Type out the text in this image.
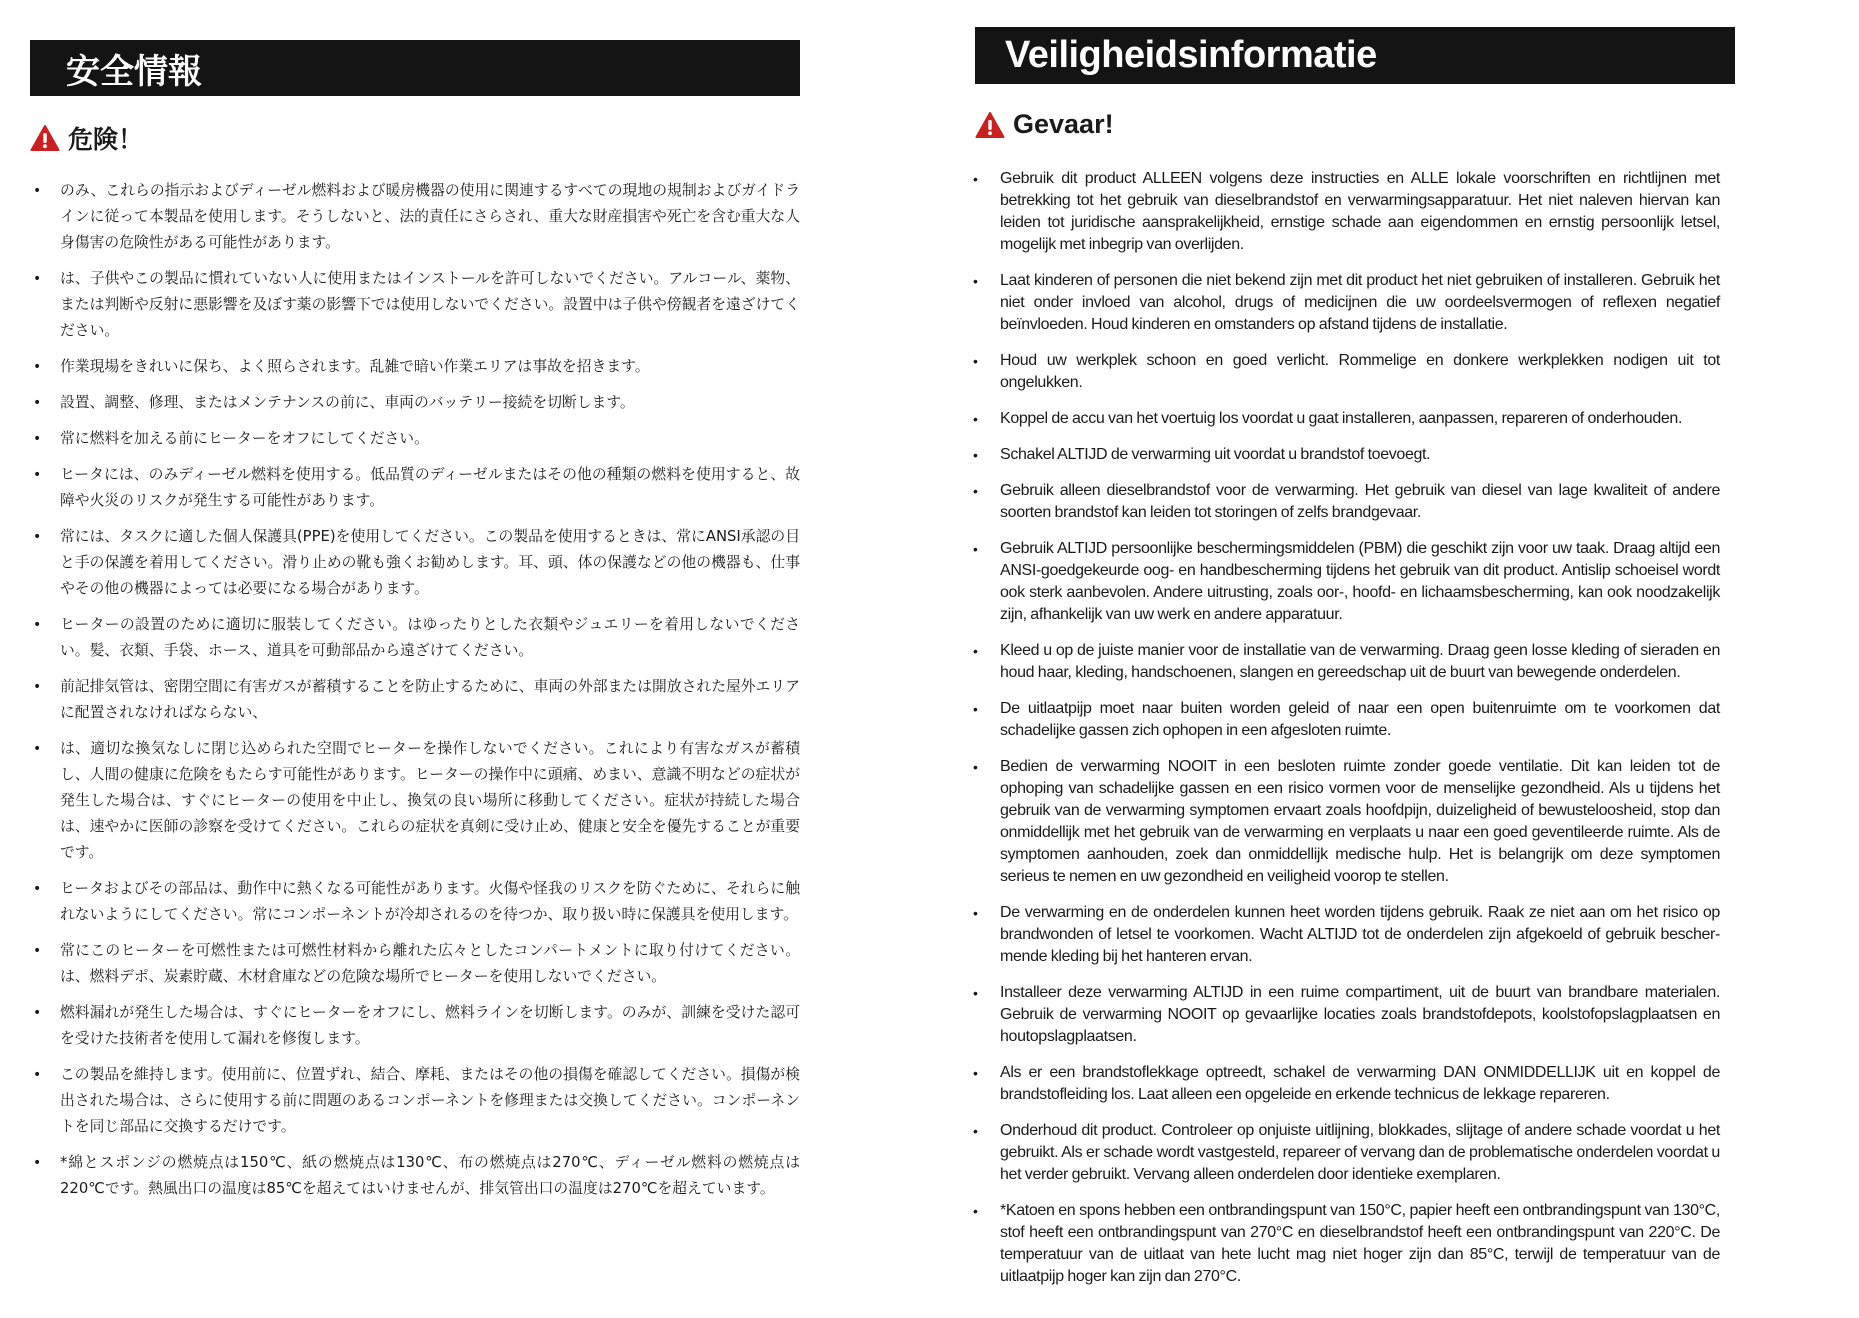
安全情報
危険！
• のみ、これらの指示およびディーゼル燃料および暖房機器の使用に関連するすべての現地の規制およびガイドラインに従って本製品を使用します。そうしないと、法的責任にさらされ、重大な財産損害や死亡を含む重大な人身傷害の危険性がある可能性があります。
• は、子供やこの製品に慣れていない人に使用またはインストールを許可しないでください。アルコール、薬物、または判断や反射に悪影響を及ぼす薬の影響下では使用しないでください。設置中は子供や傍観者を遠ざけてください。
• 作業現場をきれいに保ち、よく照らされます。乱雑で暗い作業エリアは事故を招きます。
• 設置、調整、修理、またはメンテナンスの前に、車両のバッテリー接続を切断します。
• 常に燃料を加える前にヒーターをオフにしてください。
• ヒータには、のみディーゼル燃料を使用する。低品質のディーゼルまたはその他の種類の燃料を使用すると、故障や火災のリスクが発生する可能性があります。
• 常には、タスクに適した個人保護具(PPE)を使用してください。この製品を使用するときは、常にANSI承認の目と手の保護を着用してください。滑り止めの靴も強くお勧めします。耳、頭、体の保護などの他の機器も、仕事やその他の機器によっては必要になる場合があります。
• ヒーターの設置のために適切に服装してください。はゆったりとした衣類やジュエリーを着用しないでください。髪、衣類、手袋、ホース、道具を可動部品から遠ざけてください。
• 前記排気管は、密閉空間に有害ガスが蓄積することを防止するために、車両の外部または開放された屋外エリアに配置されなければならない、
• は、適切な換気なしに閉じ込められた空間でヒーターを操作しないでください。これにより有害なガスが蓄積し、人間の健康に危険をもたらす可能性があります。ヒーターの操作中に頭痛、めまい、意識不明などの症状が発生した場合は、すぐにヒーターの使用を中止し、換気の良い場所に移動してください。症状が持続した場合は、速やかに医師の診察を受けてください。これらの症状を真剣に受け止め、健康と安全を優先することが重要です。
• ヒータおよびその部品は、動作中に熱くなる可能性があります。火傷や怪我のリスクを防ぐために、それらに触れないようにしてください。常にコンポーネントが冷却されるのを待つか、取り扱い時に保護具を使用します。
• 常にこのヒーターを可燃性または可燃性材料から離れた広々としたコンパートメントに取り付けてください。は、燃料デポ、炭素貯蔵、木材倉庫などの危険な場所でヒーターを使用しないでください。
• 燃料漏れが発生した場合は、すぐにヒーターをオフにし、燃料ラインを切断します。のみが、訓練を受けた認可を受けた技術者を使用して漏れを修復します。
• この製品を維持します。使用前に、位置ずれ、結合、摩耗、またはその他の損傷を確認してください。損傷が検出された場合は、さらに使用する前に問題のあるコンポーネントを修理または交換してください。コンポーネントを同じ部品に交換するだけです。
• *綿とスポンジの燃焼点は150℃、紙の燃焼点は130℃、布の燃焼点は270℃、ディーゼル燃料の燃焼点は220℃です。熱風出口の温度は85℃を超えてはいけませんが、排気管出口の温度は270℃を超えています。
Veiligheidsinformatie
Gevaar!
• Gebruik dit product ALLEEN volgens deze instructies en ALLE lokale voorschriften en richtlijnen met betrekking tot het gebruik van dieselbrandstof en verwarmingsapparatuur. Het niet naleven hiervan kan leiden tot juridische aansprakelijkheid, ernstige schade aan eigendommen en ernstig persoonlijk letsel, mogelijk met inbegrip van overlijden.
• Laat kinderen of personen die niet bekend zijn met dit product het niet gebruiken of installeren. Gebruik het niet onder invloed van alcohol, drugs of medicijnen die uw oordeelsvermogen of reflexen negatief beïnvloeden. Houd kinderen en omstanders op afstand tijdens de installatie.
• Houd uw werkplek schoon en goed verlicht. Rommelige en donkere werkplekken nodigen uit tot ongelukken.
• Koppel de accu van het voertuig los voordat u gaat installeren, aanpassen, repareren of onderhouden.
• Schakel ALTIJD de verwarming uit voordat u brandstof toevoegt.
• Gebruik alleen dieselbrandstof voor de verwarming. Het gebruik van diesel van lage kwaliteit of andere soorten brandstof kan leiden tot storingen of zelfs brandgevaar.
• Gebruik ALTIJD persoonlijke beschermingsmiddelen (PBM) die geschikt zijn voor uw taak. Draag altijd een ANSI-goedgekeurde oog- en handbescherming tijdens het gebruik van dit product. Antislip schoeisel wordt ook sterk aanbevolen. Andere uitrusting, zoals oor-, hoofd- en lichaamsbescherming, kan ook noodzakelijk zijn, afhankelijk van uw werk en andere apparatuur.
• Kleed u op de juiste manier voor de installatie van de verwarming. Draag geen losse kleding of sieraden en houd haar, kleding, handschoenen, slangen en gereedschap uit de buurt van bewegende onderdelen.
• De uitlaatpijp moet naar buiten worden geleid of naar een open buitenruimte om te voorkomen dat schadelijke gassen zich ophopen in een afgesloten ruimte.
• Bedien de verwarming NOOIT in een besloten ruimte zonder goede ventilatie. Dit kan leiden tot de ophoping van schadelijke gassen en een risico vormen voor de menselijke gezondheid. Als u tijdens het gebruik van de verwarming symptomen ervaart zoals hoofdpijn, duizeligheid of bewusteloosheid, stop dan onmiddellijk met het gebruik van de verwarming en verplaats u naar een goed geventileerde ruimte. Als de symptomen aanhouden, zoek dan onmiddellijk medische hulp. Het is belangrijk om deze symptomen serieus te nemen en uw gezondheid en veiligheid voorop te stellen.
• De verwarming en de onderdelen kunnen heet worden tijdens gebruik. Raak ze niet aan om het risico op brandwonden of letsel te voorkomen. Wacht ALTIJD tot de onderdelen zijn afgekoeld of gebruik bescher-mende kleding bij het hanteren ervan.
• Installeer deze verwarming ALTIJD in een ruime compartiment, uit de buurt van brandbare materialen. Gebruik de verwarming NOOIT op gevaarlijke locaties zoals brandstofdepots, koolstofopslagplaatsen en houtopslagplaatsen.
• Als er een brandstoflekkage optreedt, schakel de verwarming DAN ONMIDDELLIJK uit en koppel de brandstofleiding los. Laat alleen een opgeleide en erkende technicus de lekkage repareren.
• Onderhoud dit product. Controleer op onjuiste uitlijning, blokkades, slijtage of andere schade voordat u het gebruikt. Als er schade wordt vastgesteld, repareer of vervang dan de problematische onderdelen voordat u het verder gebruikt. Vervang alleen onderdelen door identieke exemplaren.
• *Katoen en spons hebben een ontbrandingspunt van 150°C, papier heeft een ontbrandingspunt van 130°C, stof heeft een ontbrandingspunt van 270°C en dieselbrandstof heeft een ontbrandingspunt van 220°C. De temperatuur van de uitlaat van hete lucht mag niet hoger zijn dan 85°C, terwijl de temperatuur van de uitlaatpijp hoger kan zijn dan 270°C.
